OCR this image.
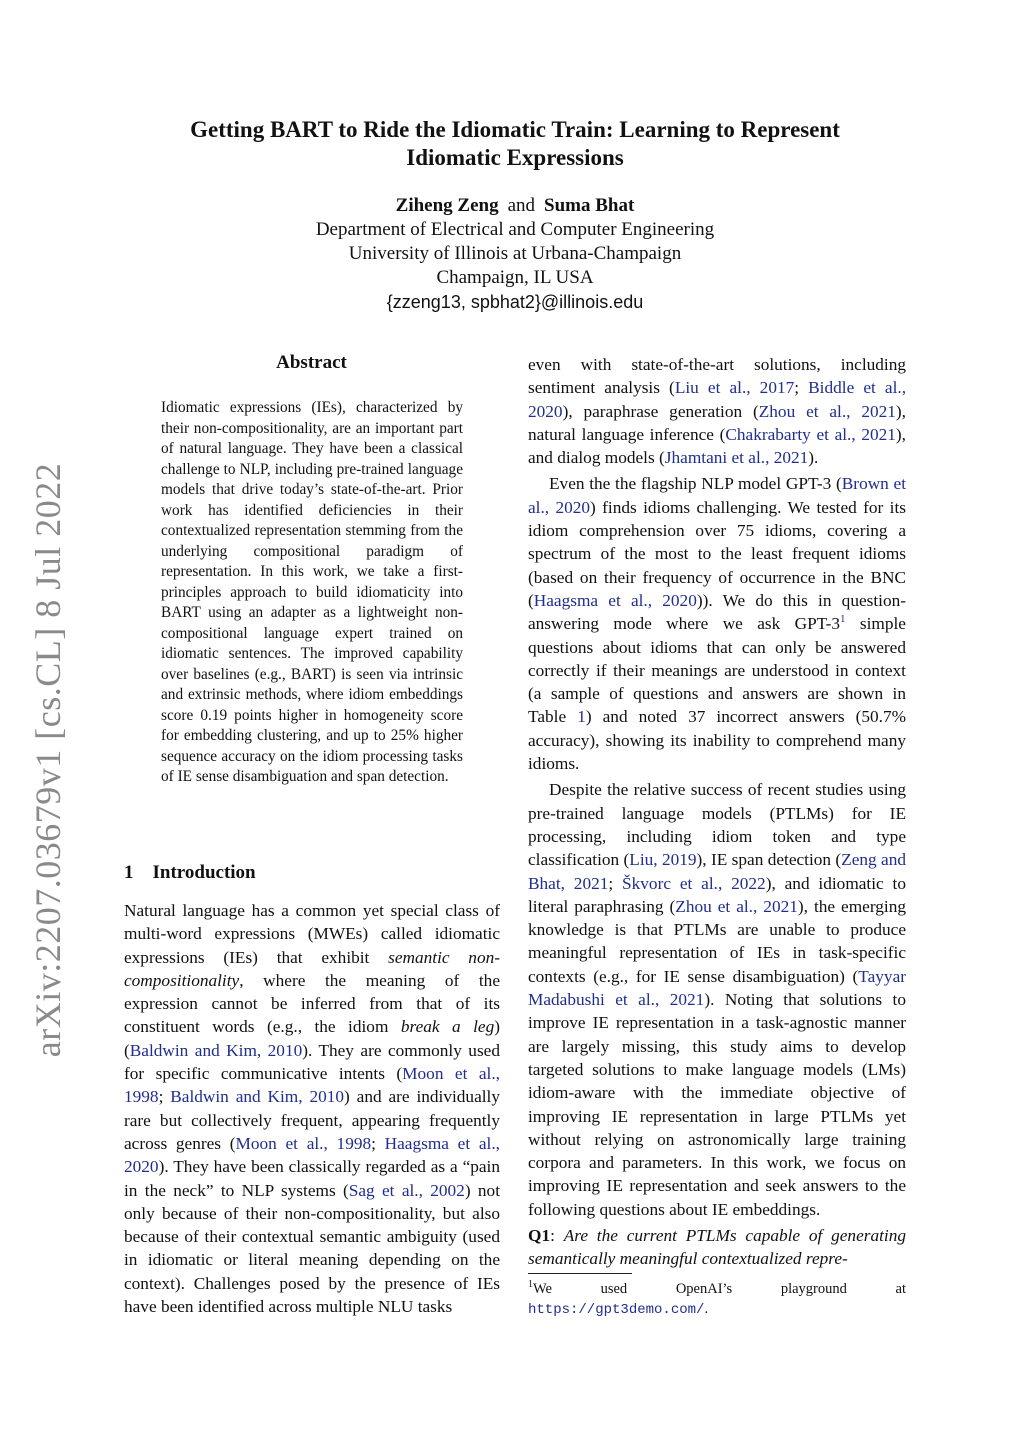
arXiv:2207.03679v1 [cs.CL] 8 Jul 2022
Getting BART to Ride the Idiomatic Train: Learning to Represent
Idiomatic Expressions
Ziheng Zeng and Suma Bhat
Department of Electrical and Computer Engineering
University of Illinois at Urbana-Champaign
Champaign, IL USA
{zzeng13, spbhat2}@illinois.edu
Abstract
Idiomatic expressions (IEs), characterized by their non-compositionality, are an important part of natural language. They have been a classical challenge to NLP, including pre-trained language models that drive today’s state-of-the-art. Prior work has identified deficiencies in their contextualized representation stemming from the underlying compositional paradigm of representation. In this work, we take a first-principles approach to build idiomaticity into BART using an adapter as a lightweight non-compositional language expert trained on idiomatic sentences. The improved capability over baselines (e.g., BART) is seen via intrinsic and extrinsic methods, where idiom embeddings score 0.19 points higher in homogeneity score for embedding clustering, and up to 25% higher sequence accuracy on the idiom processing tasks of IE sense disambiguation and span detection.
1 Introduction
Natural language has a common yet special class of multi-word expressions (MWEs) called idiomatic expressions (IEs) that exhibit semantic non-compositionality, where the meaning of the expression cannot be inferred from that of its constituent words (e.g., the idiom break a leg) (Baldwin and Kim, 2010). They are commonly used for specific communicative intents (Moon et al., 1998; Baldwin and Kim, 2010) and are individually rare but collectively frequent, appearing frequently across genres (Moon et al., 1998; Haagsma et al., 2020). They have been classically regarded as a “pain in the neck” to NLP systems (Sag et al., 2002) not only because of their non-compositionality, but also because of their contextual semantic ambiguity (used in idiomatic or literal meaning depending on the context). Challenges posed by the presence of IEs have been identified across multiple NLU tasks

even with state-of-the-art solutions, including sentiment analysis (Liu et al., 2017; Biddle et al., 2020), paraphrase generation (Zhou et al., 2021), natural language inference (Chakrabarty et al., 2021), and dialog models (Jhamtani et al., 2021).

Even the the flagship NLP model GPT-3 (Brown et al., 2020) finds idioms challenging. We tested for its idiom comprehension over 75 idioms, covering a spectrum of the most to the least frequent idioms (based on their frequency of occurrence in the BNC (Haagsma et al., 2020)). We do this in question-answering mode where we ask GPT-3$^1$ simple questions about idioms that can only be answered correctly if their meanings are understood in context (a sample of questions and answers are shown in Table 1) and noted 37 incorrect answers (50.7% accuracy), showing its inability to comprehend many idioms.

Despite the relative success of recent studies using pre-trained language models (PTLMs) for IE processing, including idiom token and type classification (Liu, 2019), IE span detection (Zeng and Bhat, 2021; Škvorc et al., 2022), and idiomatic to literal paraphrasing (Zhou et al., 2021), the emerging knowledge is that PTLMs are unable to produce meaningful representation of IEs in task-specific contexts (e.g., for IE sense disambiguation) (Tayyar Madabushi et al., 2021). Noting that solutions to improve IE representation in a task-agnostic manner are largely missing, this study aims to develop targeted solutions to make language models (LMs) idiom-aware with the immediate objective of improving IE representation in large PTLMs yet without relying on astronomically large training corpora and parameters. In this work, we focus on improving IE representation and seek answers to the following questions about IE embeddings.

Q1: Are the current PTLMs capable of generating semantically meaningful contextualized repre-

$^1$We used OpenAI’s playground at https://gpt3demo.com/.
